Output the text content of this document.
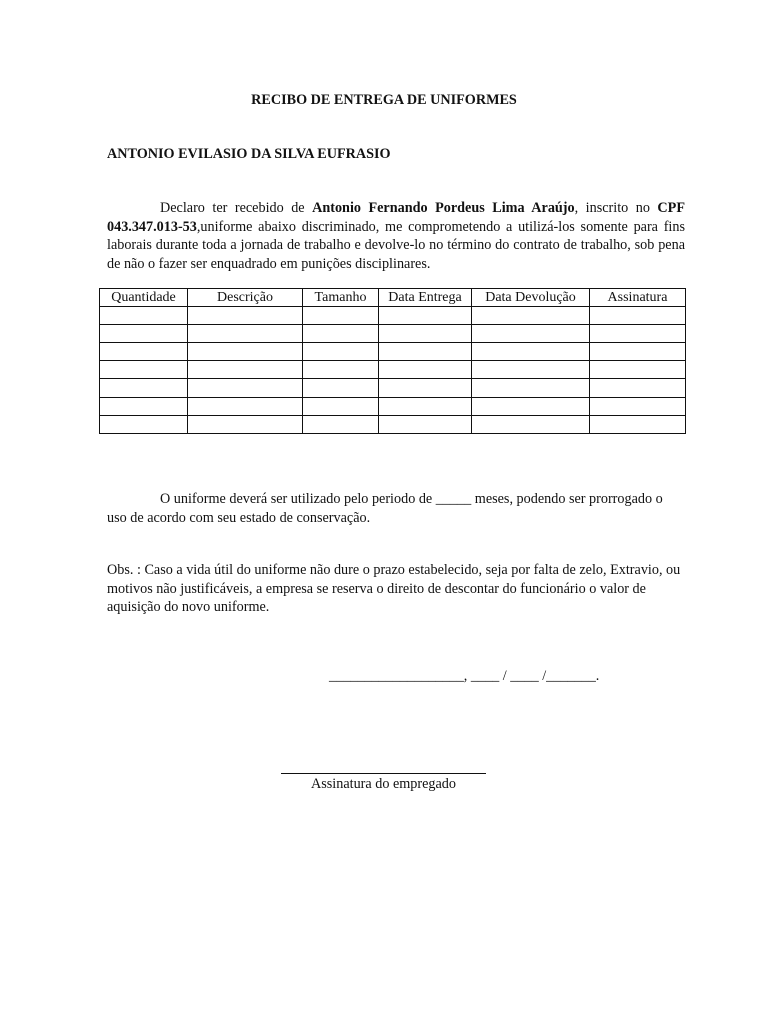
RECIBO DE ENTREGA DE UNIFORMES
ANTONIO EVILASIO DA SILVA EUFRASIO

Declaro ter recebido de Antonio Fernando Pordeus Lima Araújo, inscrito no CPF 043.347.013-53,uniforme abaixo discriminado, me comprometendo a utilizá-los somente para fins laborais durante toda a jornada de trabalho e devolve-lo no término do contrato de trabalho, sob pena de não o fazer ser enquadrado em punições disciplinares.

Quantidade	Descrição	Tamanho	Data Entrega	Data Devolução	Assinatura

O uniforme deverá ser utilizado pelo periodo de _____ meses, podendo ser prorrogado o uso de acordo com seu estado de conservação.

Obs. : Caso a vida útil do uniforme não dure o prazo estabelecido, seja por falta de zelo, Extravio, ou motivos não justificáveis, a empresa se reserva o direito de descontar do funcionário o valor de aquisição do novo uniforme.

___________________, ____ / ____ /_______.
Assinatura do empregado
